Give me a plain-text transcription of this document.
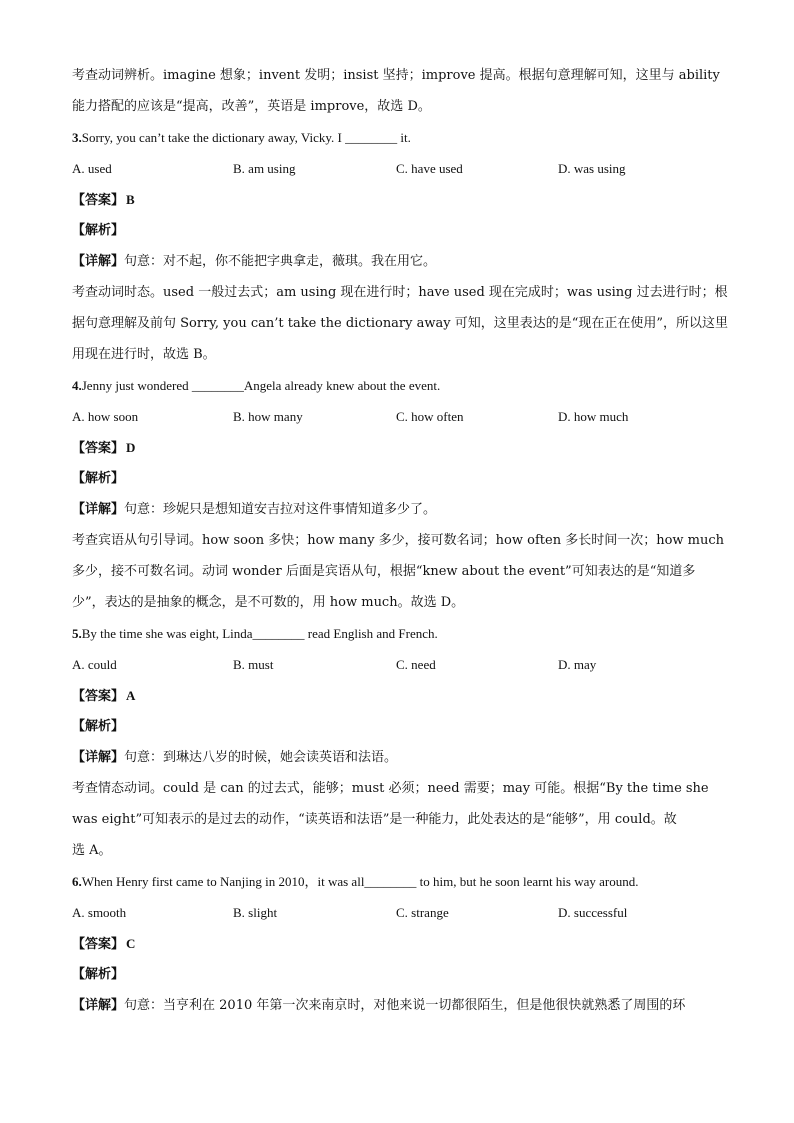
考查动词辨析。imagine 想象；invent 发明；insist 坚持；improve 提高。根据句意理解可知，这里与 ability
能力搭配的应该是“提高，改善”，英语是 improve，故选 D。
3.Sorry, you can’t take the dictionary away, Vicky. I ________ it.
A. used	B. am using	C. have used	D. was using
【答案】 B
【解析】
【详解】句意：对不起，你不能把字典拿走，薇琪。我在用它。
考查动词时态。used 一般过去式；am using 现在进行时；have used 现在完成时；was using 过去进行时；根
据句意理解及前句 Sorry, you can’t take the dictionary away 可知，这里表达的是“现在正在使用”，所以这里
用现在进行时，故选 B。
4.Jenny just wondered ________Angela already knew about the event.
A. how soon	B. how many	C. how often	D. how much
【答案】 D
【解析】
【详解】句意：珍妮只是想知道安吉拉对这件事情知道多少了。
考查宾语从句引导词。how soon 多快；how many 多少，接可数名词；how often 多长时间一次；how much
多少，接不可数名词。动词 wonder 后面是宾语从句，根据“knew about the event”可知表达的是“知道多
少”，表达的是抽象的概念，是不可数的，用 how much。故选 D。
5.By the time she was eight, Linda________ read English and French.
A. could	B. must	C. need	D. may
【答案】 A
【解析】
【详解】句意：到琳达八岁的时候，她会读英语和法语。
考查情态动词。could 是 can 的过去式，能够；must 必须；need 需要；may 可能。根据“By the time she
was eight”可知表示的是过去的动作，“读英语和法语”是一种能力，此处表达的是“能够”，用 could。故
选 A。
6.When Henry first came to Nanjing in 2010，it was all________ to him, but he soon learnt his way around.
A. smooth	B. slight	C. strange	D. successful
【答案】 C
【解析】
【详解】句意：当亨利在 2010 年第一次来南京时，对他来说一切都很陌生，但是他很快就熟悉了周围的环
